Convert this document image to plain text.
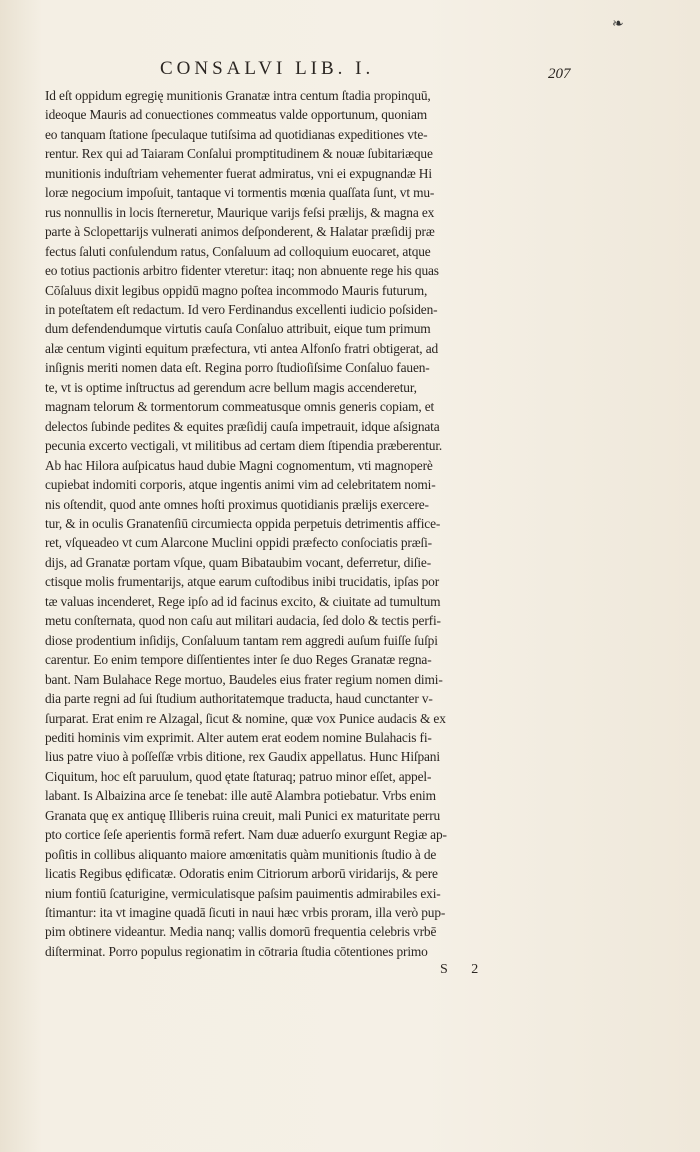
❧
CONSALVI LIB. I.	207
Id eſt oppidum egregię munitionis Granatæ intra centum ſtadia propinquū,
ideoque Mauris ad conuectiones commeatus valde opportunum, quoniam
eo tanquam ſtatione ſpeculaque tutiſsima ad quotidianas expeditiones vte-
rentur. Rex qui ad Taiaram Conſalui promptitudinem & nouæ ſubitariæque
munitionis induſtriam vehementer fuerat admiratus, vni ei expugnandæ Hi
loræ negocium impoſuit, tantaque vi tormentis mœnia quaſſata ſunt, vt mu-
rus nonnullis in locis ſterneretur, Maurique varijs feſsi prælijs, & magna ex
parte à Sclopettarijs vulnerati animos deſponderent, & Halatar præſidij præ
fectus ſaluti conſulendum ratus, Conſaluum ad colloquium euocaret, atque
eo totius pactionis arbitro fidenter vteretur: itaq; non abnuente rege his quas
Cōſaluus dixit legibus oppidū magno poſtea incommodo Mauris futurum,
in poteſtatem eſt redactum. Id vero Ferdinandus excellenti iudicio poſsiden-
dum defendendumque virtutis cauſa Conſaluo attribuit, eique tum primum
alæ centum viginti equitum præfectura, vti antea Alfonſo fratri obtigerat, ad
inſignis meriti nomen data eſt. Regina porro ſtudioſiſsime Conſaluo fauen-
te, vt is optime inſtructus ad gerendum acre bellum magis accenderetur,
magnam telorum & tormentorum commeatusque omnis generis copiam, et
delectos ſubinde pedites & equites præſidij cauſa impetrauit, idque aſsignata
pecunia excerto vectigali, vt militibus ad certam diem ſtipendia præberentur.
Ab hac Hilora auſpicatus haud dubie Magni cognomentum, vti magnoperè
cupiebat indomiti corporis, atque ingentis animi vim ad celebritatem nomi-
nis oſtendit, quod ante omnes hoſti proximus quotidianis prælijs exercere-
tur, & in oculis Granatenſiū circumiecta oppida perpetuis detrimentis affice-
ret, vſqueadeo vt cum Alarcone Muclini oppidi præfecto conſociatis præſi-
dijs, ad Granatæ portam vſque, quam Bibataubim vocant, deferretur, diſie-
ctisque molis frumentarijs, atque earum cuſtodibus inibi trucidatis, ipſas por
tæ valuas incenderet, Rege ipſo ad id facinus excito, & ciuitate ad tumultum
metu conſternata, quod non caſu aut militari audacia, ſed dolo & tectis perfi-
diose prodentium inſidijs, Conſaluum tantam rem aggredi auſum fuiſſe ſuſpi
carentur. Eo enim tempore diſſentientes inter ſe duo Reges Granatæ regna-
bant. Nam Bulahace Rege mortuo, Baudeles eius frater regium nomen dimi-
dia parte regni ad ſui ſtudium authoritatemque traducta, haud cunctanter v-
ſurparat. Erat enim re Alzagal, ſicut & nomine, quæ vox Punice audacis & ex
pediti hominis vim exprimit. Alter autem erat eodem nomine Bulahacis fi-
lius patre viuo à poſſeſſæ vrbis ditione, rex Gaudix appellatus. Hunc Hiſpani
Ciquitum, hoc eſt paruulum, quod ętate ſtaturaq; patruo minor eſſet, appel-
labant. Is Albaizina arce ſe tenebat: ille autē Alambra potiebatur. Vrbs enim
Granata quę ex antiquę Illiberis ruina creuit, mali Punici ex maturitate perru
pto cortice ſeſe aperientis formā refert. Nam duæ aduerſo exurgunt Regiæ ap-
poſitis in collibus aliquanto maiore amœnitatis quàm munitionis ſtudio à de
licatis Regibus ędificatæ. Odoratis enim Citriorum arborū viridarijs, & pere
nium fontiū ſcaturigine, vermiculatisque paſsim pauimentis admirabiles exi-
ſtimantur: ita vt imagine quadā ſicuti in naui hæc vrbis proram, illa verò pup-
pim obtinere videantur. Media nanq; vallis domorū frequentia celebris vrbē
diſterminat. Porro populus regionatim in cōtraria ſtudia cōtentiones primo
S 2
